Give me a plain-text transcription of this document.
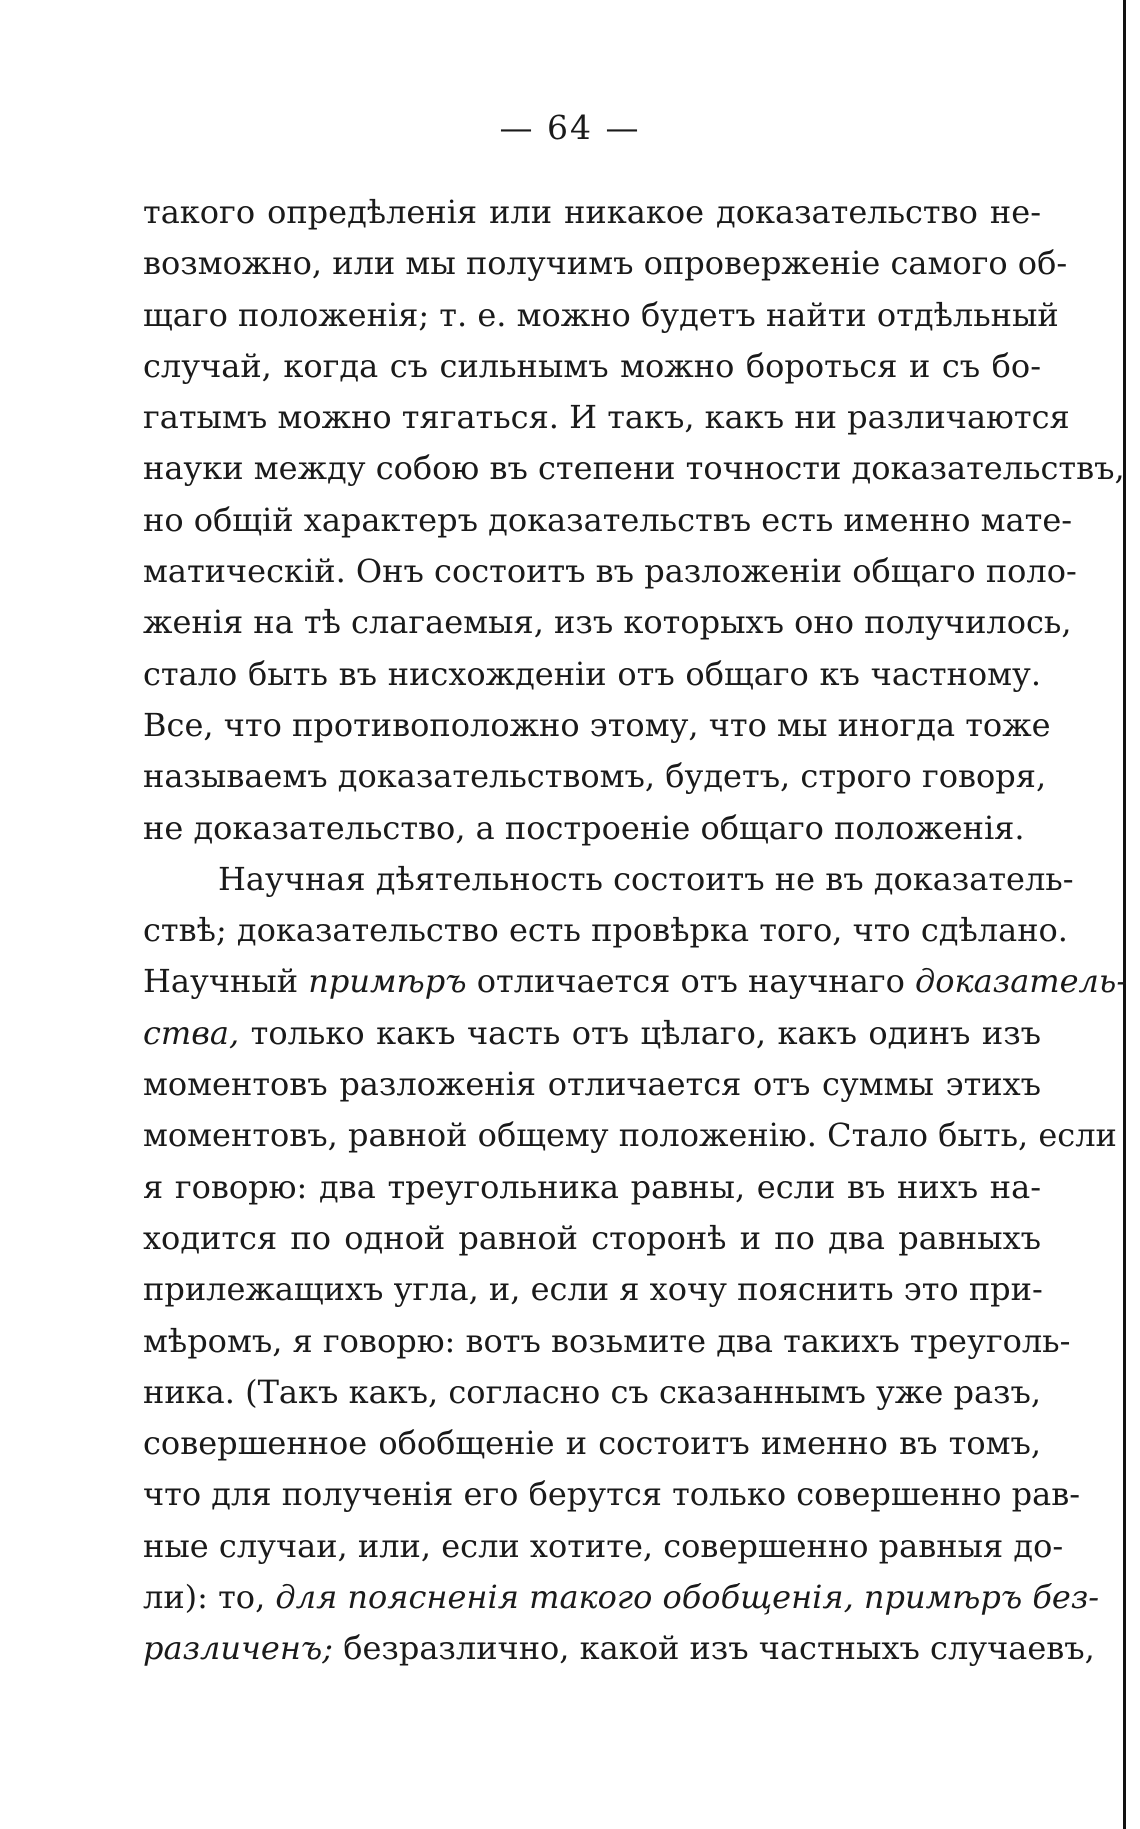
— 64 —
такого опредѣленія или никакое доказательство не-
возможно, или мы получимъ опроверженіе самого об-
щаго положенія; т. е. можно будетъ найти отдѣльный
случай, когда съ сильнымъ можно бороться и съ бо-
гатымъ можно тягаться. И такъ, какъ ни различаются
науки между собою въ степени точности доказательствъ,
но общій характеръ доказательствъ есть именно мате-
матическій. Онъ состоитъ въ разложеніи общаго поло-
женія на тѣ слагаемыя, изъ которыхъ оно получилось,
стало быть въ нисхожденіи отъ общаго къ частному.
Все, что противоположно этому, что мы иногда тоже
называемъ доказательствомъ, будетъ, строго говоря,
не доказательство, а построеніе общаго положенія.
Научная дѣятельность состоитъ не въ доказатель-
ствѣ; доказательство есть провѣрка того, что сдѣлано.
Научный примѣръ отличается отъ научнаго доказатель-
ства, только какъ часть отъ цѣлаго, какъ одинъ изъ
моментовъ разложенія отличается отъ суммы этихъ
моментовъ, равной общему положенію. Стало быть, если
я говорю: два треугольника равны, если въ нихъ на-
ходится по одной равной сторонѣ и по два равныхъ
прилежащихъ угла, и, если я хочу пояснить это при-
мѣромъ, я говорю: вотъ возьмите два такихъ треуголь-
ника. (Такъ какъ, согласно съ сказаннымъ уже разъ,
совершенное обобщеніе и состоитъ именно въ томъ,
что для полученія его берутся только совершенно рав-
ные случаи, или, если хотите, совершенно равныя до-
ли): то, для поясненія такого обобщенія, примѣръ без-
различенъ; безразлично, какой изъ частныхъ случаевъ,
